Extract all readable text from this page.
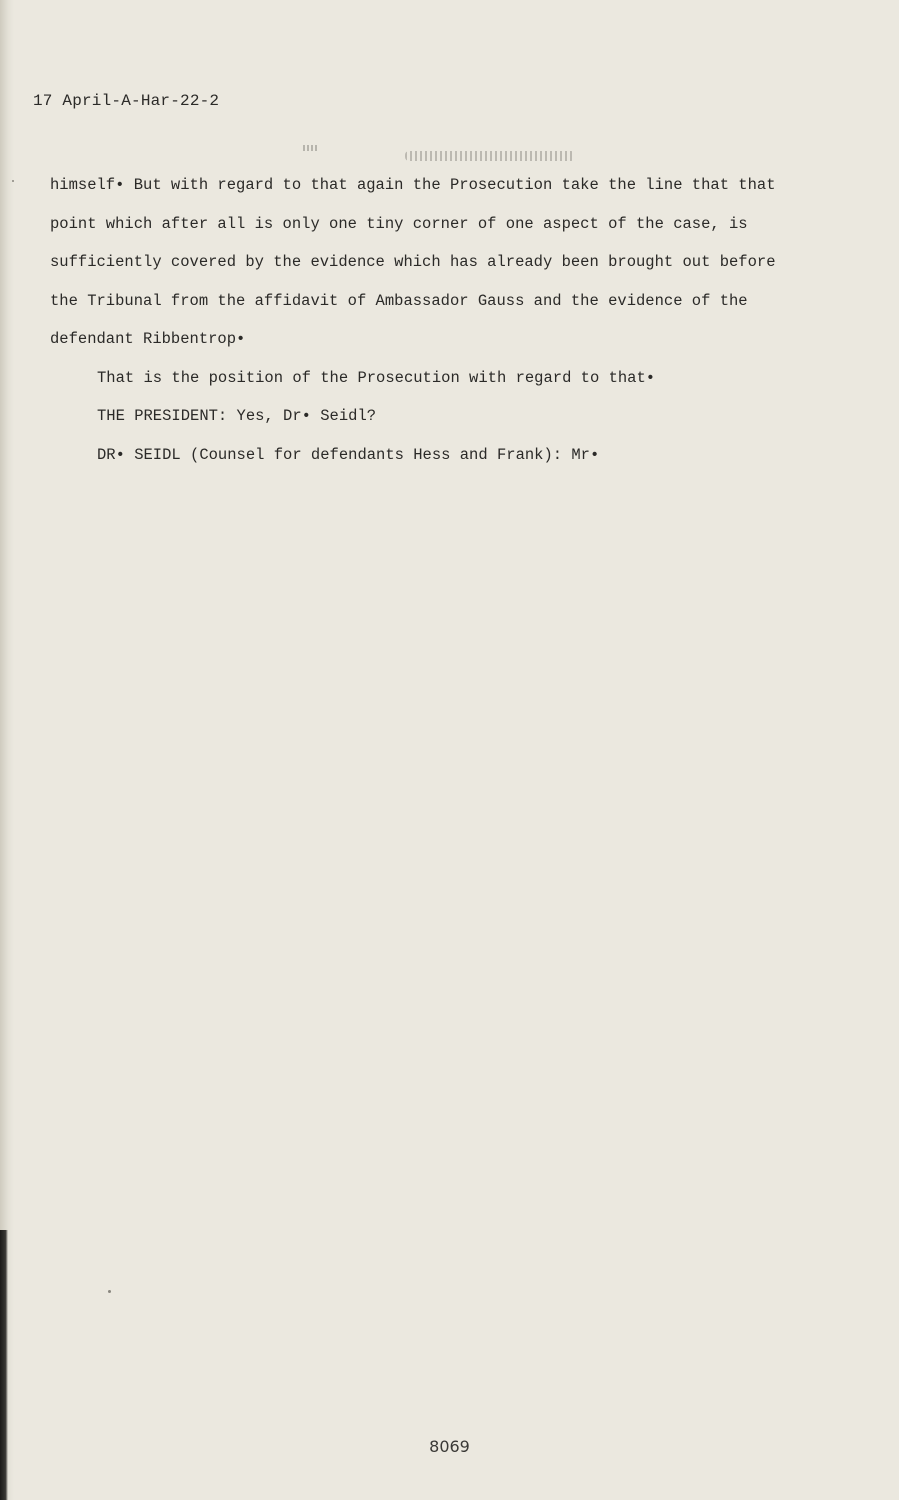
17 April-A-Har-22-2
himself• But with regard to that again the Prosecution take the line that that
point which after all is only one tiny corner of one aspect of the case, is
sufficiently covered by the evidence which has already been brought out before
the Tribunal from the affidavit of Ambassador Gauss and the evidence of the
defendant Ribbentrop•
That is the position of the Prosecution with regard to that•
THE PRESIDENT: Yes, Dr• Seidl?
DR• SEIDL (Counsel for defendants Hess and Frank): Mr•
8069
